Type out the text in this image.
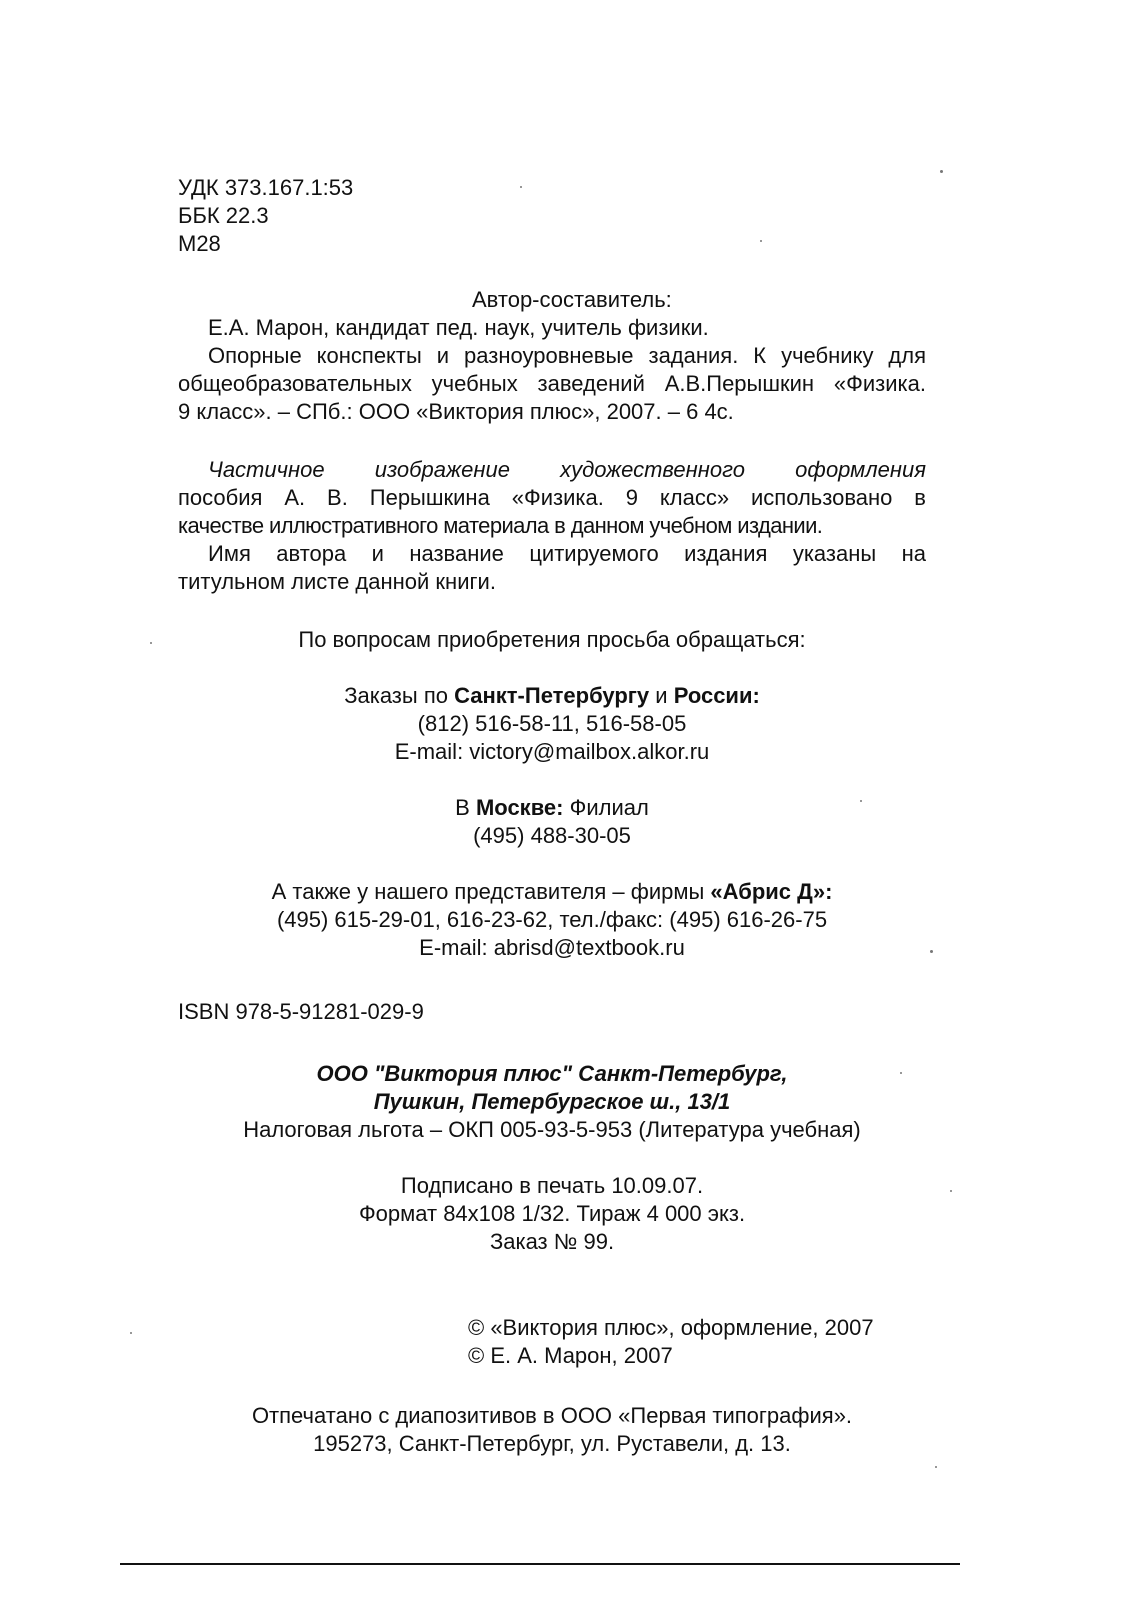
УДК 373.167.1:53
ББК 22.3
М28
Автор-составитель:
Е.А. Марон, кандидат пед. наук, учитель физики.
Опорные конспекты и разноуровневые задания. К учебнику для
общеобразовательных учебных заведений А.В.Перышкин «Физика.
9 класс». – СПб.: ООО «Виктория плюс», 2007. – 6 4с.
Частичное изображение художественного оформления
пособия А. В. Перышкина «Физика. 9 класс» использовано в
качестве иллюстративного материала в данном учебном издании.
Имя автора и название цитируемого издания указаны на
титульном листе данной книги.
По вопросам приобретения просьба обращаться:
Заказы по Санкт-Петербургу и России:
(812) 516-58-11, 516-58-05
E-mail: victory@mailbox.alkor.ru
В Москве: Филиал
(495) 488-30-05
А также у нашего представителя – фирмы «Абрис Д»:
(495) 615-29-01, 616-23-62, тел./факс: (495) 616-26-75
E-mail: abrisd@textbook.ru
ISBN 978-5-91281-029-9
ООО "Виктория плюс" Санкт-Петербург,
Пушкин, Петербургское ш., 13/1
Налоговая льгота – ОКП 005-93-5-953 (Литература учебная)
Подписано в печать 10.09.07.
Формат 84х108 1/32. Тираж 4 000 экз.
Заказ № 99.
© «Виктория плюс», оформление, 2007
© Е. А. Марон, 2007
Отпечатано с диапозитивов в ООО «Первая типография».
195273, Санкт-Петербург, ул. Руставели, д. 13.
